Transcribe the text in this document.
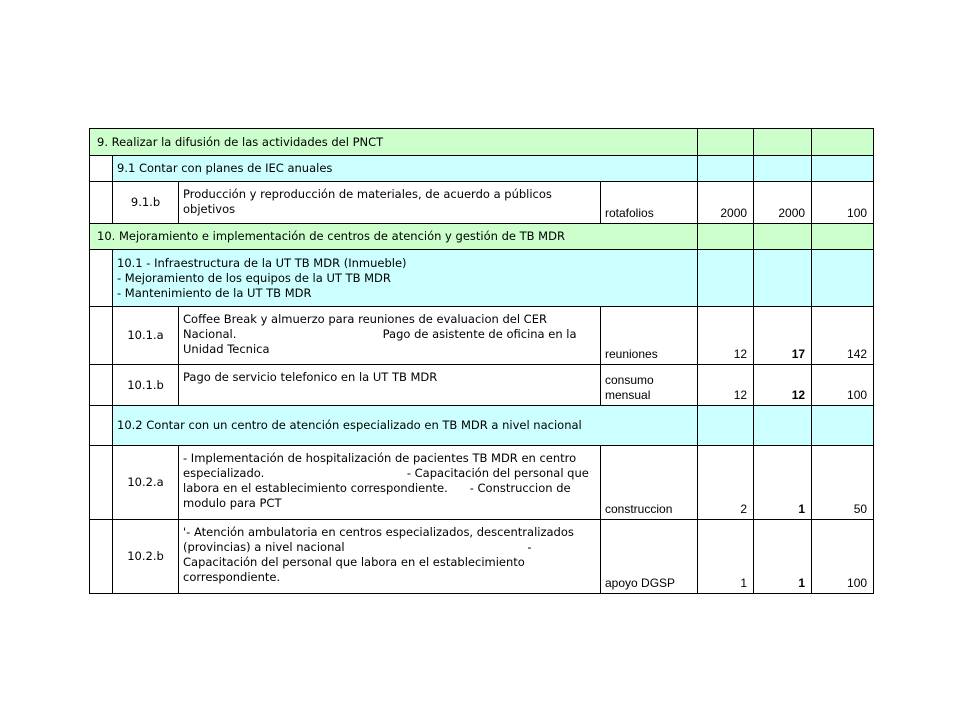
9. Realizar la difusión de las actividades del PNCT						
	9.1 Contar con planes de IEC anuales					
	9.1.b	Producción y reproducción de materiales, de acuerdo a públicos objetivos	rotafolios	2000	2000	100
10. Mejoramiento e implementación de centros de atención y gestión de TB MDR						
	10.1 - Infraestructura de la UT TB MDR (Inmueble)
- Mejoramiento de los equipos de la UT TB MDR
- Mantenimiento de la UT TB MDR					
	10.1.a	Coffee Break y almuerzo para reuniones de evaluacion del CER Nacional.                                        Pago de asistente de oficina en la Unidad Tecnica	reuniones	12	17	142
	10.1.b	Pago de servicio telefonico en la UT TB MDR	consumo mensual	12	12	100
	10.2 Contar con un centro de atención especializado en TB MDR a nivel nacional					
	10.2.a	- Implementación de hospitalización de pacientes TB MDR en centro especializado.                                       - Capacitación del personal que labora en el establecimiento correspondiente.      - Construccion de modulo para PCT	construccion	2	1	50
	10.2.b	'- Atención ambulatoria en centros especializados, descentralizados (provincias) a nivel nacional                                                  - Capacitación del personal que labora en el establecimiento correspondiente.	apoyo DGSP	1	1	100
